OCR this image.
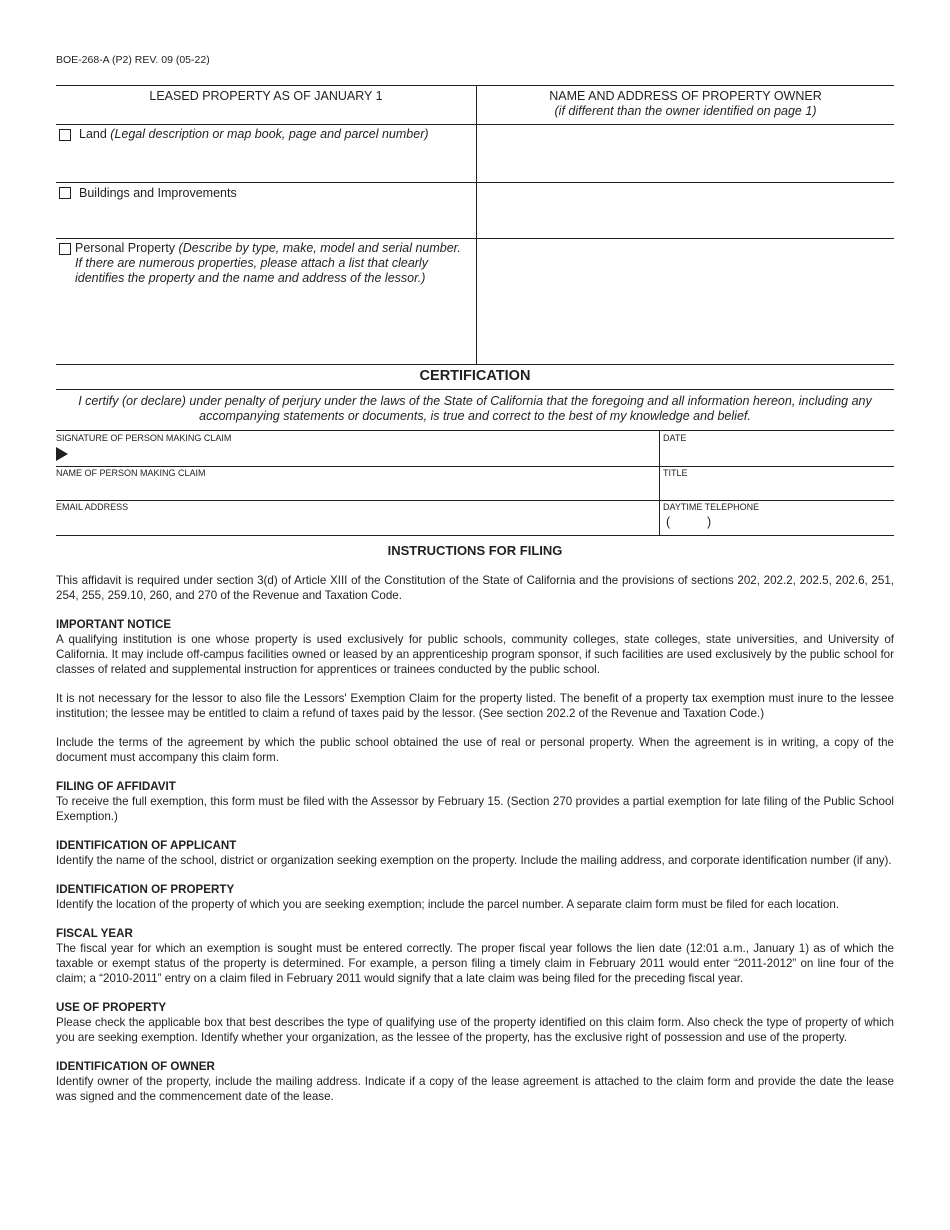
BOE-268-A (P2) REV. 09 (05-22)
LEASED PROPERTY AS OF JANUARY 1	NAME AND ADDRESS OF PROPERTY OWNER
(if different than the owner identified on page 1)
Land (Legal description or map book, page and parcel number)
Buildings and Improvements
Personal Property (Describe by type, make, model and serial number. If there are numerous properties, please attach a list that clearly identifies the property and the name and address of the lessor.)
CERTIFICATION
I certify (or declare) under penalty of perjury under the laws of the State of California that the foregoing and all information hereon, including any accompanying statements or documents, is true and correct to the best of my knowledge and belief.
SIGNATURE OF PERSON MAKING CLAIM	DATE
NAME OF PERSON MAKING CLAIM	TITLE
EMAIL ADDRESS	DAYTIME TELEPHONE
(	)
INSTRUCTIONS FOR FILING

This affidavit is required under section 3(d) of Article XIII of the Constitution of the State of California and the provisions of sections 202, 202.2, 202.5, 202.6, 251, 254, 255, 259.10, 260, and 270 of the Revenue and Taxation Code.

IMPORTANT NOTICE

A qualifying institution is one whose property is used exclusively for public schools, community colleges, state colleges, state universities, and University of California. It may include off-campus facilities owned or leased by an apprenticeship program sponsor, if such facilities are used exclusively by the public school for classes of related and supplemental instruction for apprentices or trainees conducted by the public school.

It is not necessary for the lessor to also file the Lessors' Exemption Claim for the property listed. The benefit of a property tax exemption must inure to the lessee institution; the lessee may be entitled to claim a refund of taxes paid by the lessor. (See section 202.2 of the Revenue and Taxation Code.)

Include the terms of the agreement by which the public school obtained the use of real or personal property. When the agreement is in writing, a copy of the document must accompany this claim form.

FILING OF AFFIDAVIT

To receive the full exemption, this form must be filed with the Assessor by February 15. (Section 270 provides a partial exemption for late filing of the Public School Exemption.)

IDENTIFICATION OF APPLICANT

Identify the name of the school, district or organization seeking exemption on the property. Include the mailing address, and corporate identification number (if any).

IDENTIFICATION OF PROPERTY

Identify the location of the property of which you are seeking exemption; include the parcel number. A separate claim form must be filed for each location.

FISCAL YEAR

The fiscal year for which an exemption is sought must be entered correctly. The proper fiscal year follows the lien date (12:01 a.m., January 1) as of which the taxable or exempt status of the property is determined. For example, a person filing a timely claim in February 2011 would enter “2011-2012” on line four of the claim; a “2010-2011” entry on a claim filed in February 2011 would signify that a late claim was being filed for the preceding fiscal year.

USE OF PROPERTY

Please check the applicable box that best describes the type of qualifying use of the property identified on this claim form. Also check the type of property of which you are seeking exemption. Identify whether your organization, as the lessee of the property, has the exclusive right of possession and use of the property.

IDENTIFICATION OF OWNER

Identify owner of the property, include the mailing address. Indicate if a copy of the lease agreement is attached to the claim form and provide the date the lease was signed and the commencement date of the lease.
